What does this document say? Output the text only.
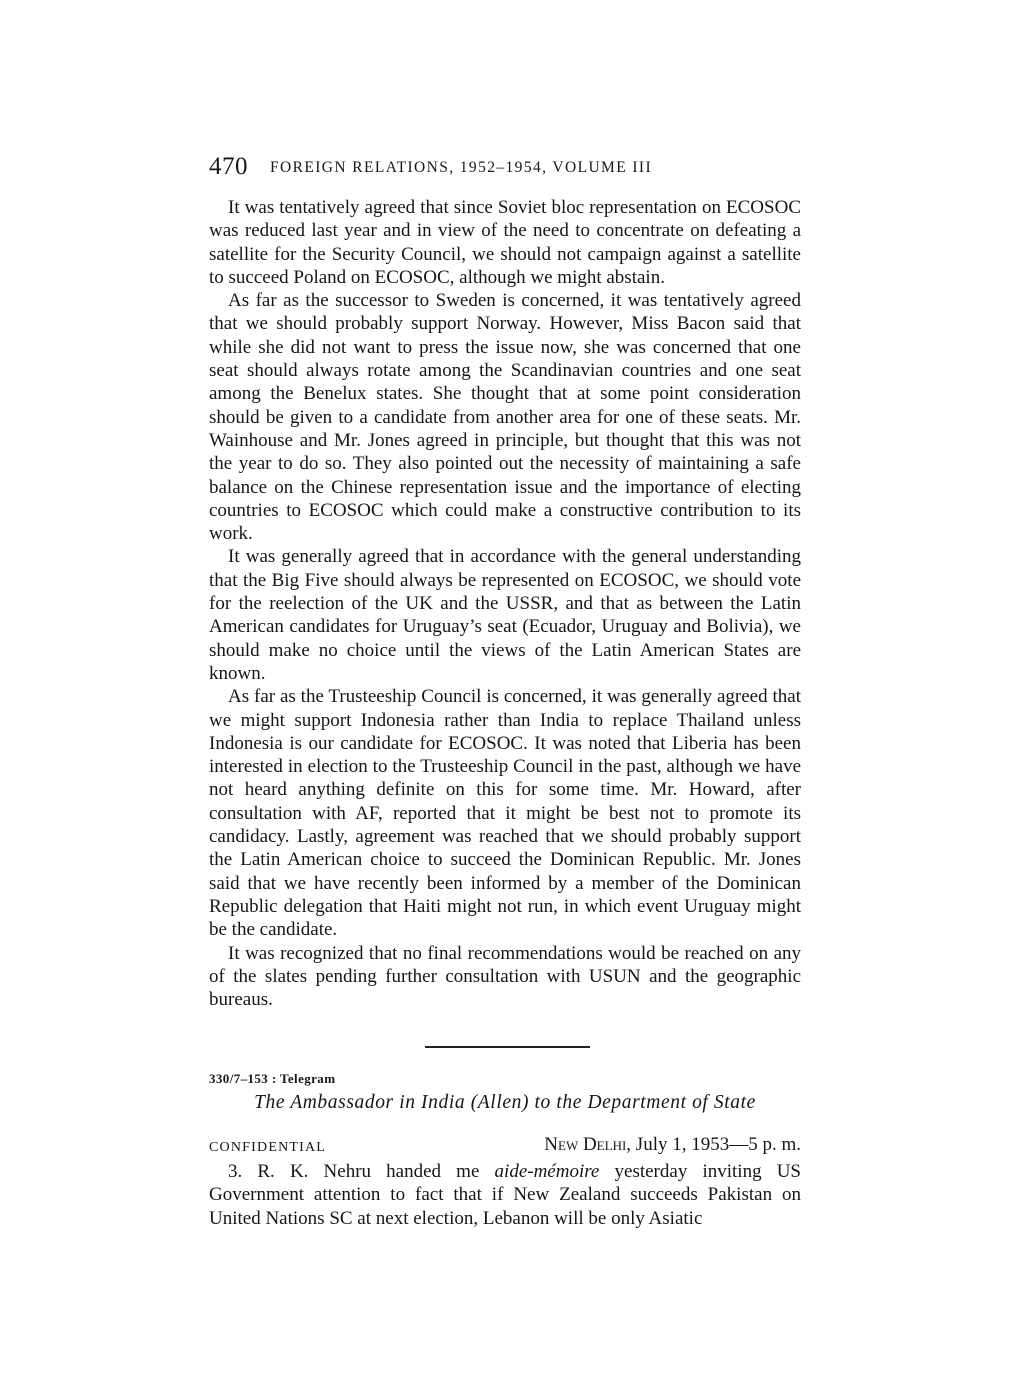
470 FOREIGN RELATIONS, 1952–1954, VOLUME III

It was tentatively agreed that since Soviet bloc representation on ECOSOC was reduced last year and in view of the need to concentrate on defeating a satellite for the Security Council, we should not campaign against a satellite to succeed Poland on ECOSOC, although we might abstain.

As far as the successor to Sweden is concerned, it was tentatively agreed that we should probably support Norway. However, Miss Bacon said that while she did not want to press the issue now, she was concerned that one seat should always rotate among the Scandinavian countries and one seat among the Benelux states. She thought that at some point consideration should be given to a candidate from another area for one of these seats. Mr. Wainhouse and Mr. Jones agreed in principle, but thought that this was not the year to do so. They also pointed out the necessity of maintaining a safe balance on the Chinese representation issue and the importance of electing countries to ECOSOC which could make a constructive contribution to its work.

It was generally agreed that in accordance with the general understanding that the Big Five should always be represented on ECOSOC, we should vote for the reelection of the UK and the USSR, and that as between the Latin American candidates for Uruguay’s seat (Ecuador, Uruguay and Bolivia), we should make no choice until the views of the Latin American States are known.

As far as the Trusteeship Council is concerned, it was generally agreed that we might support Indonesia rather than India to replace Thailand unless Indonesia is our candidate for ECOSOC. It was noted that Liberia has been interested in election to the Trusteeship Council in the past, although we have not heard anything definite on this for some time. Mr. Howard, after consultation with AF, reported that it might be best not to promote its candidacy. Lastly, agreement was reached that we should probably support the Latin American choice to succeed the Dominican Republic. Mr. Jones said that we have recently been informed by a member of the Dominican Republic delegation that Haiti might not run, in which event Uruguay might be the candidate.

It was recognized that no final recommendations would be reached on any of the slates pending further consultation with USUN and the geographic bureaus.

330/7–153 : Telegram
The Ambassador in India (Allen) to the Department of State
CONFIDENTIAL	New Delhi, July 1, 1953—5 p. m.

3. R. K. Nehru handed me aide-mémoire yesterday inviting US Government attention to fact that if New Zealand succeeds Pakistan on United Nations SC at next election, Lebanon will be only Asiatic
